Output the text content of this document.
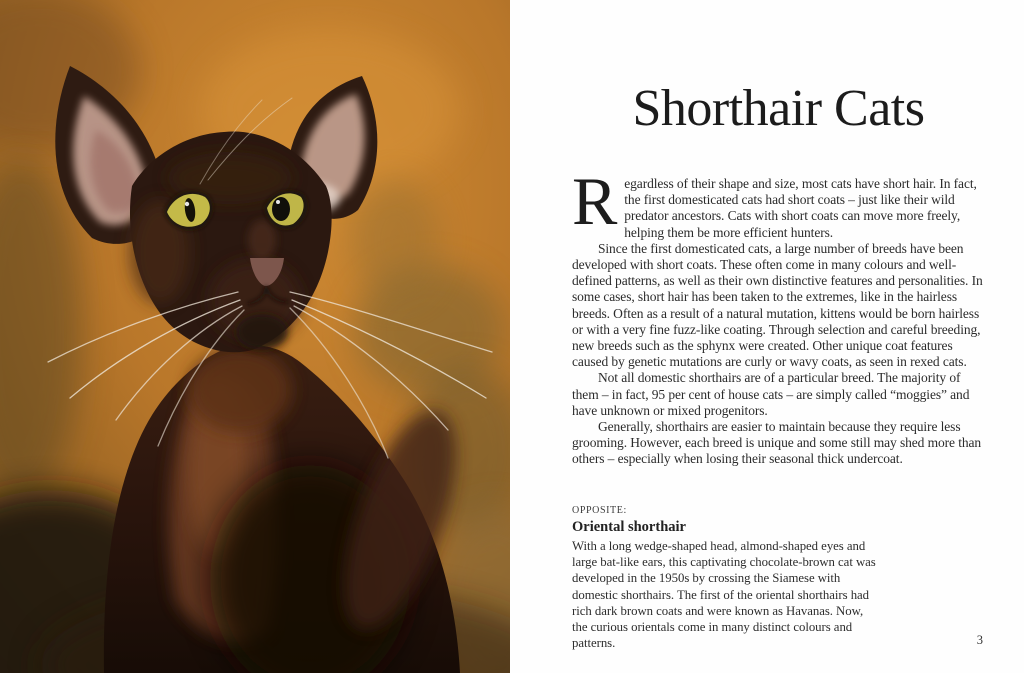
Shorthair Cats

Regardless of their shape and size, most cats have short hair. In fact, the first domesticated cats had short coats – just like their wild predator ancestors. Cats with short coats can move more freely, helping them be more efficient hunters.

Since the first domesticated cats, a large number of breeds have been developed with short coats. These often come in many colours and well-defined patterns, as well as their own distinctive features and personalities. In some cases, short hair has been taken to the extremes, like in the hairless breeds. Often as a result of a natural mutation, kittens would be born hairless or with a very fine fuzz-like coating. Through selection and careful breeding, new breeds such as the sphynx were created. Other unique coat features caused by genetic mutations are curly or wavy coats, as seen in rexed cats.

Not all domestic shorthairs are of a particular breed. The majority of them – in fact, 95 per cent of house cats – are simply called “moggies” and have unknown or mixed progenitors.

Generally, shorthairs are easier to maintain because they require less grooming. However, each breed is unique and some still may shed more than others – especially when losing their seasonal thick undercoat.

OPPOSITE:
Oriental shorthair
With a long wedge-shaped head, almond-shaped eyes and large bat-like ears, this captivating chocolate-brown cat was developed in the 1950s by crossing the Siamese with domestic shorthairs. The first of the oriental shorthairs had rich dark brown coats and were known as Havanas. Now, the curious orientals come in many distinct colours and patterns.	3
